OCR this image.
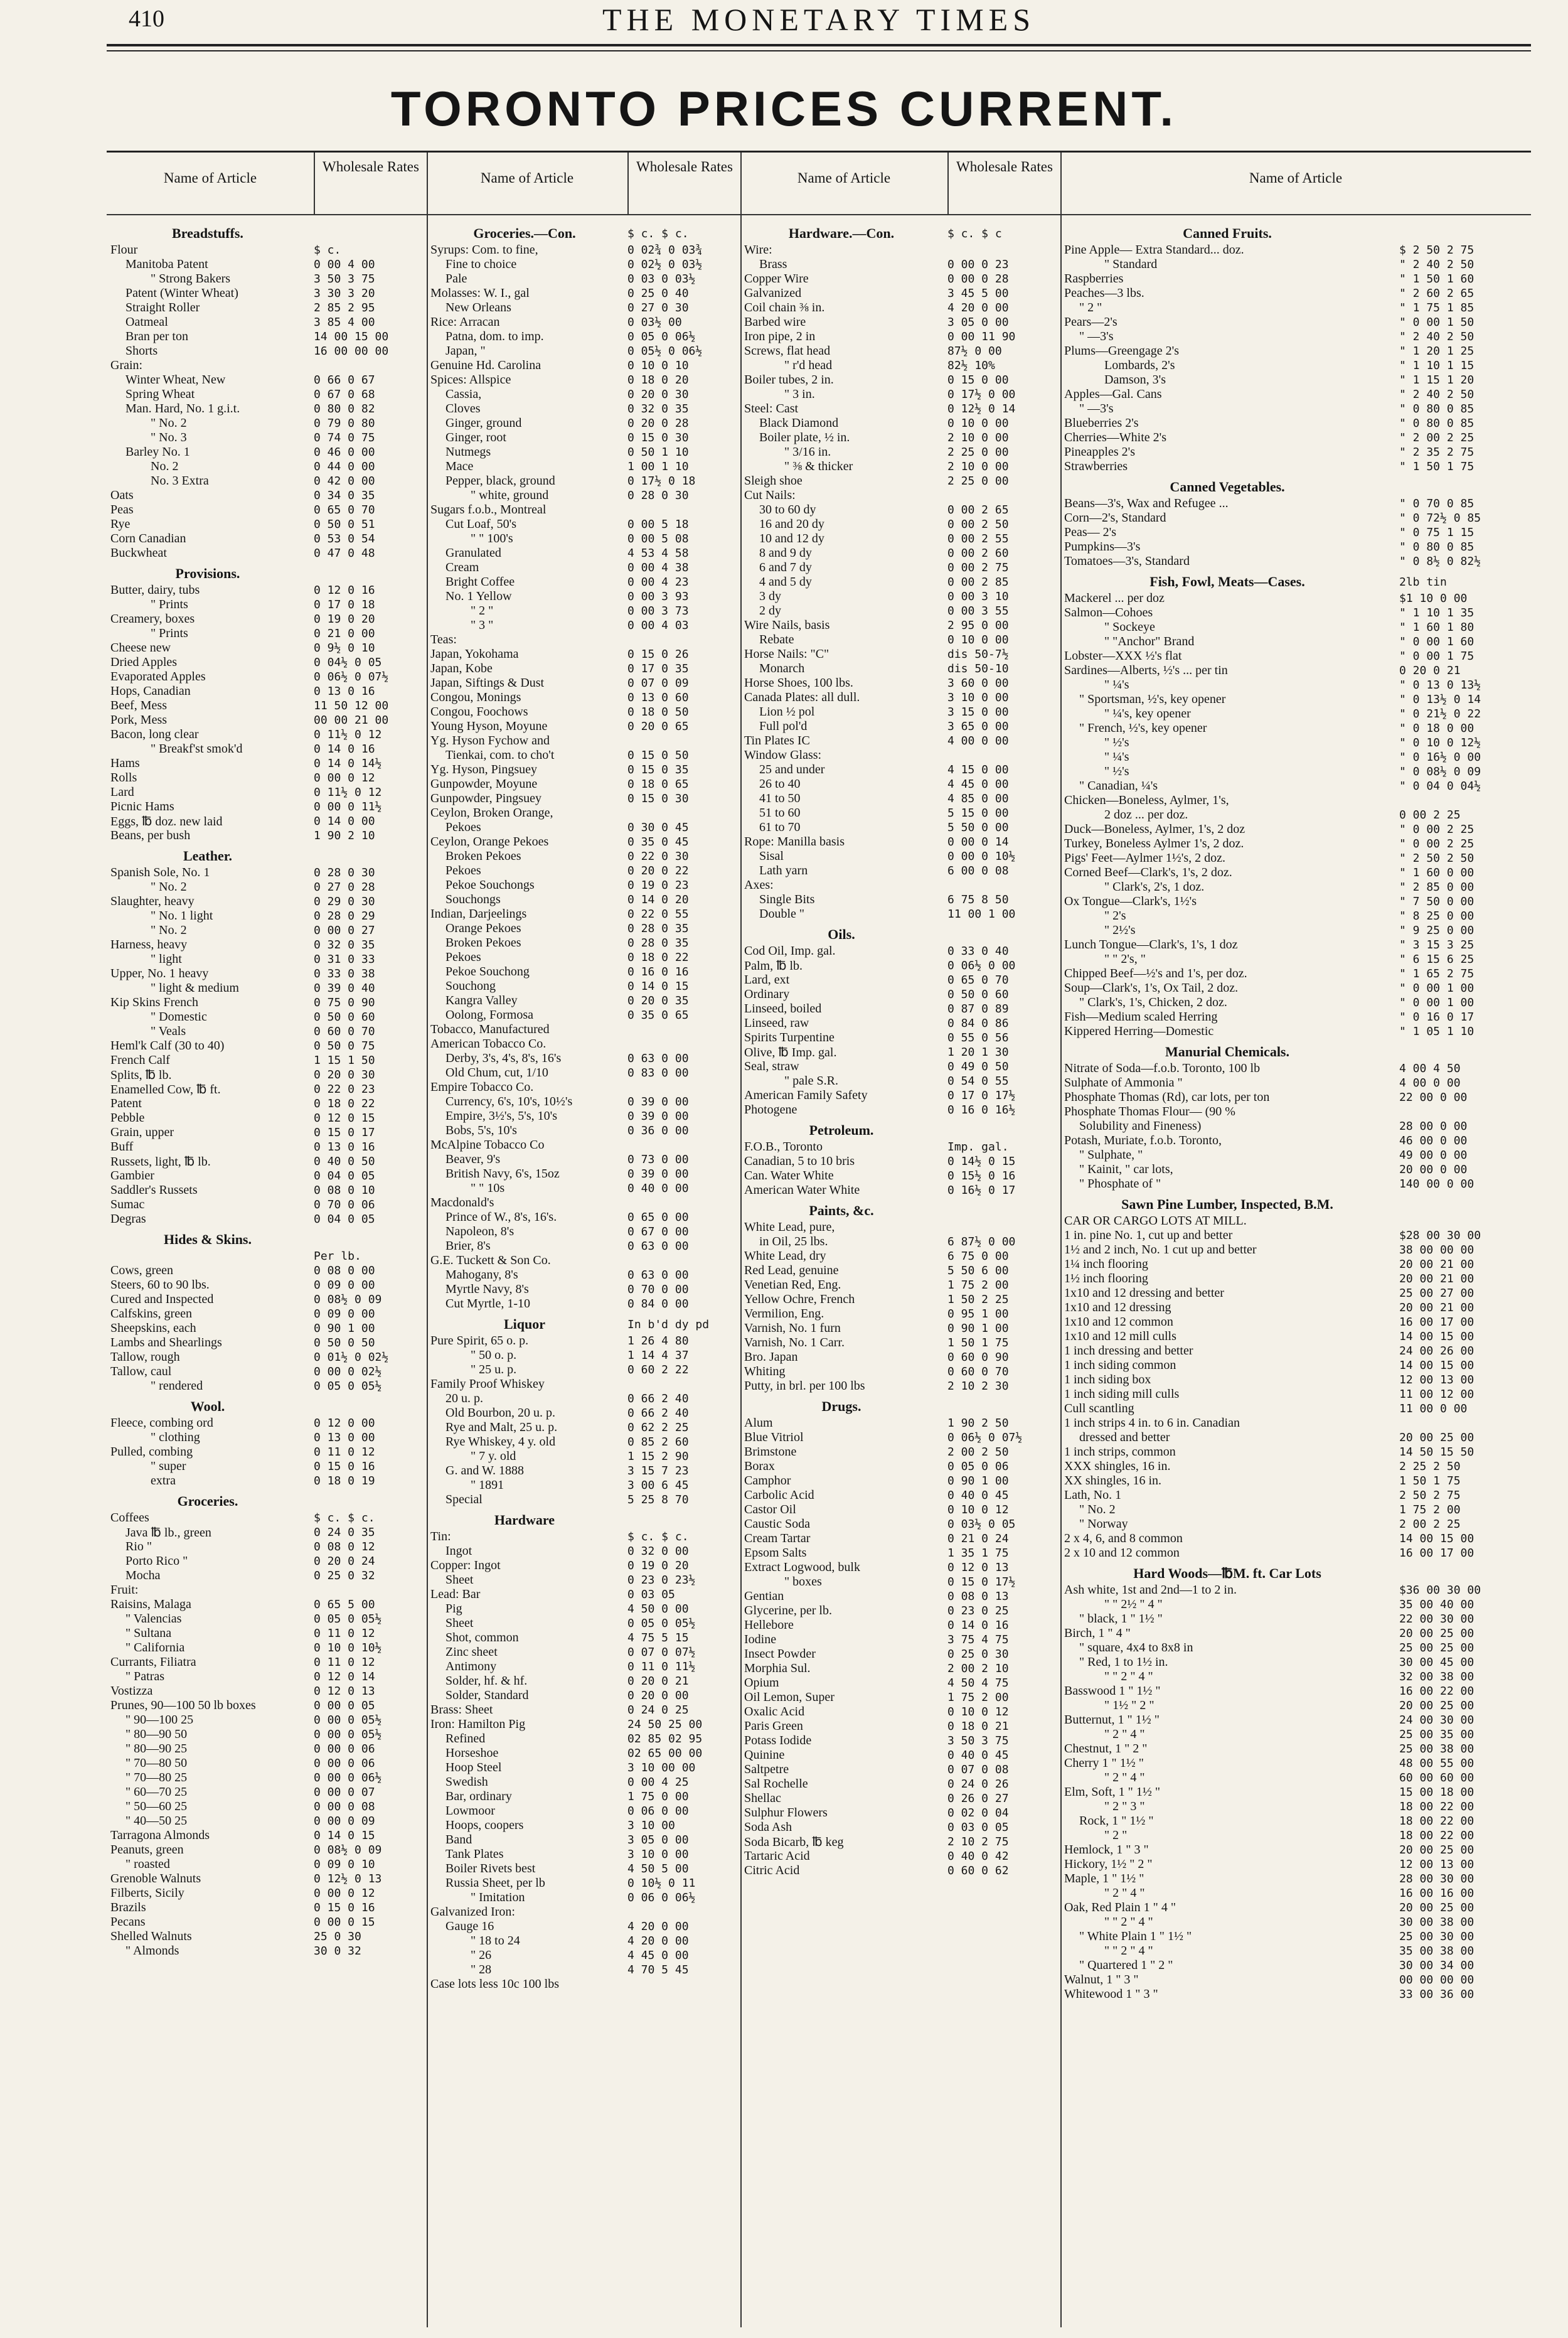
410	THE MONETARY TIMES
TORONTO PRICES CURRENT.
Name of Article
Wholesale Rates
Breadstuffs.
Flour	$ c.
Manitoba Patent	0 00 4 00
" Strong Bakers	3 50 3 75
Patent (Winter Wheat)	3 30 3 20
Straight Roller	2 85 2 95
Oatmeal	3 85 4 00
Bran per ton	14 00 15 00
Shorts	16 00 00 00
Grain:
Winter Wheat, New	0 66 0 67
Spring Wheat	0 67 0 68
Man. Hard, No. 1 g.i.t.	0 80 0 82
" No. 2	0 79 0 80
" No. 3	0 74 0 75
Barley No. 1	0 46 0 00
No. 2	0 44 0 00
No. 3 Extra	0 42 0 00
Oats	0 34 0 35
Peas	0 65 0 70
Rye	0 50 0 51
Corn Canadian	0 53 0 54
Buckwheat	0 47 0 48
Provisions.
Butter, dairy, tubs	0 12 0 16
" Prints	0 17 0 18
Creamery, boxes	0 19 0 20
" Prints	0 21 0 00
Cheese new	0 9½ 0 10
Dried Apples	0 04½ 0 05
Evaporated Apples	0 06½ 0 07½
Hops, Canadian	0 13 0 16
Beef, Mess	11 50 12 00
Pork, Mess	00 00 21 00
Bacon, long clear	0 11½ 0 12
" Breakf'st smok'd	0 14 0 16
Hams	0 14 0 14½
Rolls	0 00 0 12
Lard	0 11½ 0 12
Picnic Hams	0 00 0 11½
Eggs, ℔ doz. new laid	0 14 0 00
Beans, per bush	1 90 2 10
Leather.
Spanish Sole, No. 1	0 28 0 30
" No. 2	0 27 0 28
Slaughter, heavy	0 29 0 30
" No. 1 light	0 28 0 29
" No. 2	0 00 0 27
Harness, heavy	0 32 0 35
" light	0 31 0 33
Upper, No. 1 heavy	0 33 0 38
" light & medium	0 39 0 40
Kip Skins French	0 75 0 90
" Domestic	0 50 0 60
" Veals	0 60 0 70
Heml'k Calf (30 to 40)	0 50 0 75
French Calf	1 15 1 50
Splits, ℔ lb.	0 20 0 30
Enamelled Cow, ℔ ft.	0 22 0 23
Patent	0 18 0 22
Pebble	0 12 0 15
Grain, upper	0 15 0 17
Buff	0 13 0 16
Russets, light, ℔ lb.	0 40 0 50
Gambier	0 04 0 05
Saddler's Russets	0 08 0 10
Sumac	0 70 0 06
Degras	0 04 0 05
Hides & Skins.
Per lb.
Cows, green	0 08 0 00
Steers, 60 to 90 lbs.	0 09 0 00
Cured and Inspected	0 08½ 0 09
Calfskins, green	0 09 0 00
Sheepskins, each	0 90 1 00
Lambs and Shearlings	0 50 0 50
Tallow, rough	0 01½ 0 02½
Tallow, caul	0 00 0 02½
" rendered	0 05 0 05½
Wool.
Fleece, combing ord	0 12 0 00
" clothing	0 13 0 00
Pulled, combing	0 11 0 12
" super	0 15 0 16
extra	0 18 0 19
Groceries.
Coffees	$ c. $ c.
Java ℔ lb., green	0 24 0 35
Rio "	0 08 0 12
Porto Rico "	0 20 0 24
Mocha	0 25 0 32
Fruit:
Raisins, Malaga	0 65 5 00
" Valencias	0 05 0 05½
" Sultana	0 11 0 12
" California	0 10 0 10½
Currants, Filiatra	0 11 0 12
" Patras	0 12 0 14
Vostizza	0 12 0 13
Prunes, 90—100 50 lb boxes	0 00 0 05
" 90—100 25	0 00 0 05½
" 80—90 50	0 00 0 05½
" 80—90 25	0 00 0 06
" 70—80 50	0 00 0 06
" 70—80 25	0 00 0 06½
" 60—70 25	0 00 0 07
" 50—60 25	0 00 0 08
" 40—50 25	0 00 0 09
Tarragona Almonds	0 14 0 15
Peanuts, green	0 08½ 0 09
" roasted	0 09 0 10
Grenoble Walnuts	0 12½ 0 13
Filberts, Sicily	0 00 0 12
Brazils	0 15 0 16
Pecans	0 00 0 15
Shelled Walnuts	25 0 30
" Almonds	30 0 32
Name of Article
Wholesale Rates
Groceries.—Con.	$ c. $ c.
Syrups: Com. to fine,	0 02¾ 0 03¾
Fine to choice	0 02½ 0 03½
Pale	0 03 0 03½
Molasses: W. I., gal	0 25 0 40
New Orleans	0 27 0 30
Rice: Arracan	0 03½ 00
Patna, dom. to imp.	0 05 0 06½
Japan, "	0 05½ 0 06½
Genuine Hd. Carolina	0 10 0 10
Spices: Allspice	0 18 0 20
Cassia,	0 20 0 30
Cloves	0 32 0 35
Ginger, ground	0 20 0 28
Ginger, root	0 15 0 30
Nutmegs	0 50 1 10
Mace	1 00 1 10
Pepper, black, ground	0 17½ 0 18
" white, ground	0 28 0 30
Sugars f.o.b., Montreal
Cut Loaf, 50's	0 00 5 18
" " 100's	0 00 5 08
Granulated	4 53 4 58
Cream	0 00 4 38
Bright Coffee	0 00 4 23
No. 1 Yellow	0 00 3 93
" 2 "	0 00 3 73
" 3 "	0 00 4 03
Teas:
Japan, Yokohama	0 15 0 26
Japan, Kobe	0 17 0 35
Japan, Siftings & Dust	0 07 0 09
Congou, Monings	0 13 0 60
Congou, Foochows	0 18 0 50
Young Hyson, Moyune	0 20 0 65
Yg. Hyson Fychow and
Tienkai, com. to cho't	0 15 0 50
Yg. Hyson, Pingsuey	0 15 0 35
Gunpowder, Moyune	0 18 0 65
Gunpowder, Pingsuey	0 15 0 30
Ceylon, Broken Orange,
Pekoes	0 30 0 45
Ceylon, Orange Pekoes	0 35 0 45
Broken Pekoes	0 22 0 30
Pekoes	0 20 0 22
Pekoe Souchongs	0 19 0 23
Souchongs	0 14 0 20
Indian, Darjeelings	0 22 0 55
Orange Pekoes	0 28 0 35
Broken Pekoes	0 28 0 35
Pekoes	0 18 0 22
Pekoe Souchong	0 16 0 16
Souchong	0 14 0 15
Kangra Valley	0 20 0 35
Oolong, Formosa	0 35 0 65
Tobacco, Manufactured
American Tobacco Co.
Derby, 3's, 4's, 8's, 16's	0 63 0 00
Old Chum, cut, 1/10	0 83 0 00
Empire Tobacco Co.
Currency, 6's, 10's, 10½'s	0 39 0 00
Empire, 3½'s, 5's, 10's	0 39 0 00
Bobs, 5's, 10's	0 36 0 00
McAlpine Tobacco Co
Beaver, 9's	0 73 0 00
British Navy, 6's, 15oz	0 39 0 00
" " 10s	0 40 0 00
Macdonald's
Prince of W., 8's, 16's.	0 65 0 00
Napoleon, 8's	0 67 0 00
Brier, 8's	0 63 0 00
G.E. Tuckett & Son Co.
Mahogany, 8's	0 63 0 00
Myrtle Navy, 8's	0 70 0 00
Cut Myrtle, 1-10	0 84 0 00
Liquor	In b'd dy pd
Pure Spirit, 65 o. p.	1 26 4 80
" 50 o. p.	1 14 4 37
" 25 u. p.	0 60 2 22
Family Proof Whiskey
20 u. p.	0 66 2 40
Old Bourbon, 20 u. p.	0 66 2 40
Rye and Malt, 25 u. p.	0 62 2 25
Rye Whiskey, 4 y. old	0 85 2 60
" 7 y. old	1 15 2 90
G. and W. 1888	3 15 7 23
" 1891	3 00 6 45
Special	5 25 8 70
Hardware
Tin:	$ c. $ c.
Ingot	0 32 0 00
Copper: Ingot	0 19 0 20
Sheet	0 23 0 23½
Lead: Bar	0 03 05
Pig	4 50 0 00
Sheet	0 05 0 05½
Shot, common	4 75 5 15
Zinc sheet	0 07 0 07½
Antimony	0 11 0 11½
Solder, hf. & hf.	0 20 0 21
Solder, Standard	0 20 0 00
Brass: Sheet	0 24 0 25
Iron: Hamilton Pig	24 50 25 00
Refined	02 85 02 95
Horseshoe	02 65 00 00
Hoop Steel	3 10 00 00
Swedish	0 00 4 25
Bar, ordinary	1 75 0 00
Lowmoor	0 06 0 00
Hoops, coopers	3 10 00
Band	3 05 0 00
Tank Plates	3 10 0 00
Boiler Rivets best	4 50 5 00
Russia Sheet, per lb	0 10½ 0 11
" Imitation	0 06 0 06½
Galvanized Iron:
Gauge 16	4 20 0 00
" 18 to 24	4 20 0 00
" 26	4 45 0 00
" 28	4 70 5 45
Case lots less 10c 100 lbs
Name of Article
Wholesale Rates
Hardware.—Con.	$ c. $ c
Wire:
Brass	0 00 0 23
Copper Wire	0 00 0 28
Galvanized	3 45 5 00
Coil chain ⅜ in.	4 20 0 00
Barbed wire	3 05 0 00
Iron pipe, 2 in	0 00 11 90
Screws, flat head	87½ 0 00
" r'd head	82½ 10%
Boiler tubes, 2 in.	0 15 0 00
" 3 in.	0 17½ 0 00
Steel: Cast	0 12½ 0 14
Black Diamond	0 10 0 00
Boiler plate, ½ in.	2 10 0 00
" 3/16 in.	2 25 0 00
" ⅜ & thicker	2 10 0 00
Sleigh shoe	2 25 0 00
Cut Nails:
30 to 60 dy	0 00 2 65
16 and 20 dy	0 00 2 50
10 and 12 dy	0 00 2 55
8 and 9 dy	0 00 2 60
6 and 7 dy	0 00 2 75
4 and 5 dy	0 00 2 85
3 dy	0 00 3 10
2 dy	0 00 3 55
Wire Nails, basis	2 95 0 00
Rebate	0 10 0 00
Horse Nails: "C"	dis 50-7½
Monarch	dis 50-10
Horse Shoes, 100 lbs.	3 60 0 00
Canada Plates: all dull.	3 10 0 00
Lion ½ pol	3 15 0 00
Full pol'd	3 65 0 00
Tin Plates IC	4 00 0 00
Window Glass:
25 and under	4 15 0 00
26 to 40	4 45 0 00
41 to 50	4 85 0 00
51 to 60	5 15 0 00
61 to 70	5 50 0 00
Rope: Manilla basis	0 00 0 14
Sisal	0 00 0 10½
Lath yarn	6 00 0 08
Axes:
Single Bits	6 75 8 50
Double "	11 00 1 00
Oils.
Cod Oil, Imp. gal.	0 33 0 40
Palm, ℔ lb.	0 06½ 0 00
Lard, ext	0 65 0 70
Ordinary	0 50 0 60
Linseed, boiled	0 87 0 89
Linseed, raw	0 84 0 86
Spirits Turpentine	0 55 0 56
Olive, ℔ Imp. gal.	1 20 1 30
Seal, straw	0 49 0 50
" pale S.R.	0 54 0 55
American Family Safety	0 17 0 17½
Photogene	0 16 0 16½
Petroleum.
F.O.B., Toronto	Imp. gal.
Canadian, 5 to 10 bris	0 14½ 0 15
Can. Water White	0 15½ 0 16
American Water White	0 16½ 0 17
Paints, &c.
White Lead, pure,
in Oil, 25 lbs.	6 87½ 0 00
White Lead, dry	6 75 0 00
Red Lead, genuine	5 50 6 00
Venetian Red, Eng.	1 75 2 00
Yellow Ochre, French	1 50 2 25
Vermilion, Eng.	0 95 1 00
Varnish, No. 1 furn	0 90 1 00
Varnish, No. 1 Carr.	1 50 1 75
Bro. Japan	0 60 0 90
Whiting	0 60 0 70
Putty, in brl. per 100 lbs	2 10 2 30
Drugs.
Alum	1 90 2 50
Blue Vitriol	0 06½ 0 07½
Brimstone	2 00 2 50
Borax	0 05 0 06
Camphor	0 90 1 00
Carbolic Acid	0 40 0 45
Castor Oil	0 10 0 12
Caustic Soda	0 03½ 0 05
Cream Tartar	0 21 0 24
Epsom Salts	1 35 1 75
Extract Logwood, bulk	0 12 0 13
" boxes	0 15 0 17½
Gentian	0 08 0 13
Glycerine, per lb.	0 23 0 25
Hellebore	0 14 0 16
Iodine	3 75 4 75
Insect Powder	0 25 0 30
Morphia Sul.	2 00 2 10
Opium	4 50 4 75
Oil Lemon, Super	1 75 2 00
Oxalic Acid	0 10 0 12
Paris Green	0 18 0 21
Potass Iodide	3 50 3 75
Quinine	0 40 0 45
Saltpetre	0 07 0 08
Sal Rochelle	0 24 0 26
Shellac	0 26 0 27
Sulphur Flowers	0 02 0 04
Soda Ash	0 03 0 05
Soda Bicarb, ℔ keg	2 10 2 75
Tartaric Acid	0 40 0 42
Citric Acid	0 60 0 62
Name of Article
Canned Fruits.
Pine Apple— Extra Standard... doz.	$ 2 50 2 75
" Standard	" 2 40 2 50
Raspberries	" 1 50 1 60
Peaches—3 lbs.	" 2 60 2 65
" 2 "	" 1 75 1 85
Pears—2's	" 0 00 1 50
" —3's	" 2 40 2 50
Plums—Greengage 2's	" 1 20 1 25
Lombards, 2's	" 1 10 1 15
Damson, 3's	" 1 15 1 20
Apples—Gal. Cans	" 2 40 2 50
" —3's	" 0 80 0 85
Blueberries 2's	" 0 80 0 85
Cherries—White 2's	" 2 00 2 25
Pineapples 2's	" 2 35 2 75
Strawberries	" 1 50 1 75
Canned Vegetables.
Beans—3's, Wax and Refugee ...	" 0 70 0 85
Corn—2's, Standard	" 0 72½ 0 85
Peas— 2's	" 0 75 1 15
Pumpkins—3's	" 0 80 0 85
Tomatoes—3's, Standard	" 0 8½ 0 82½
Fish, Fowl, Meats—Cases.	2lb tin
Mackerel ... per doz	$1 10 0 00
Salmon—Cohoes	" 1 10 1 35
" Sockeye	" 1 60 1 80
" "Anchor" Brand	" 0 00 1 60
Lobster—XXX ½'s flat	" 0 00 1 75
Sardines—Alberts, ½'s ... per tin	0 20 0 21
" ¼'s	" 0 13 0 13½
" Sportsman, ½'s, key opener	" 0 13½ 0 14
" ¼'s, key opener	" 0 21½ 0 22
" French, ½'s, key opener	" 0 18 0 00
" ½'s	" 0 10 0 12½
" ¼'s	" 0 16½ 0 00
" ½'s	" 0 08½ 0 09
" Canadian, ¼'s	" 0 04 0 04½
Chicken—Boneless, Aylmer, 1's,
2 doz ... per doz.	0 00 2 25
Duck—Boneless, Aylmer, 1's, 2 doz	" 0 00 2 25
Turkey, Boneless Aylmer 1's, 2 doz.	" 0 00 2 25
Pigs' Feet—Aylmer 1½'s, 2 doz.	" 2 50 2 50
Corned Beef—Clark's, 1's, 2 doz.	" 1 60 0 00
" Clark's, 2's, 1 doz.	" 2 85 0 00
Ox Tongue—Clark's, 1½'s	" 7 50 0 00
" 2's	" 8 25 0 00
" 2½'s	" 9 25 0 00
Lunch Tongue—Clark's, 1's, 1 doz	" 3 15 3 25
" " 2's, "	" 6 15 6 25
Chipped Beef—½'s and 1's, per doz.	" 1 65 2 75
Soup—Clark's, 1's, Ox Tail, 2 doz.	" 0 00 1 00
" Clark's, 1's, Chicken, 2 doz.	" 0 00 1 00
Fish—Medium scaled Herring	" 0 16 0 17
Kippered Herring—Domestic	" 1 05 1 10
Manurial Chemicals.
Nitrate of Soda—f.o.b. Toronto, 100 lb	4 00 4 50
Sulphate of Ammonia "	4 00 0 00
Phosphate Thomas (Rd), car lots, per ton	22 00 0 00
Phosphate Thomas Flour— (90 %
Solubility and Fineness)	28 00 0 00
Potash, Muriate, f.o.b. Toronto,	46 00 0 00
" Sulphate, "	49 00 0 00
" Kainit, " car lots,	20 00 0 00
" Phosphate of "	140 00 0 00
Sawn Pine Lumber, Inspected, B.M.
CAR OR CARGO LOTS AT MILL.
1 in. pine No. 1, cut up and better	$28 00 30 00
1½ and 2 inch, No. 1 cut up and better	38 00 00 00
1¼ inch flooring	20 00 21 00
1½ inch flooring	20 00 21 00
1x10 and 12 dressing and better	25 00 27 00
1x10 and 12 dressing	20 00 21 00
1x10 and 12 common	16 00 17 00
1x10 and 12 mill culls	14 00 15 00
1 inch dressing and better	24 00 26 00
1 inch siding common	14 00 15 00
1 inch siding box	12 00 13 00
1 inch siding mill culls	11 00 12 00
Cull scantling	11 00 0 00
1 inch strips 4 in. to 6 in. Canadian
dressed and better	20 00 25 00
1 inch strips, common	14 50 15 50
XXX shingles, 16 in.	2 25 2 50
XX shingles, 16 in.	1 50 1 75
Lath, No. 1	2 50 2 75
" No. 2	1 75 2 00
" Norway	2 00 2 25
2 x 4, 6, and 8 common	14 00 15 00
2 x 10 and 12 common	16 00 17 00
Hard Woods—℔M. ft. Car Lots
Ash white, 1st and 2nd—1 to 2 in.	$36 00 30 00
" " 2½ " 4 "	35 00 40 00
" black, 1 " 1½ "	22 00 30 00
Birch, 1 " 4 "	20 00 25 00
" square, 4x4 to 8x8 in	25 00 25 00
" Red, 1 to 1½ in.	30 00 45 00
" " 2 " 4 "	32 00 38 00
Basswood 1 " 1½ "	16 00 22 00
" 1½ " 2 "	20 00 25 00
Butternut, 1 " 1½ "	24 00 30 00
" 2 " 4 "	25 00 35 00
Chestnut, 1 " 2 "	25 00 38 00
Cherry 1 " 1½ "	48 00 55 00
" 2 " 4 "	60 00 60 00
Elm, Soft, 1 " 1½ "	15 00 18 00
" 2 " 3 "	18 00 22 00
Rock, 1 " 1½ "	18 00 22 00
" 2 "	18 00 22 00
Hemlock, 1 " 3 "	20 00 25 00
Hickory, 1½ " 2 "	12 00 13 00
Maple, 1 " 1½ "	28 00 30 00
" 2 " 4 "	16 00 16 00
Oak, Red Plain 1 " 4 "	20 00 25 00
" " 2 " 4 "	30 00 38 00
" White Plain 1 " 1½ "	25 00 30 00
" " 2 " 4 "	35 00 38 00
" Quartered 1 " 2 "	30 00 34 00
Walnut, 1 " 3 "	00 00 00 00
Whitewood 1 " 3 "	33 00 36 00
